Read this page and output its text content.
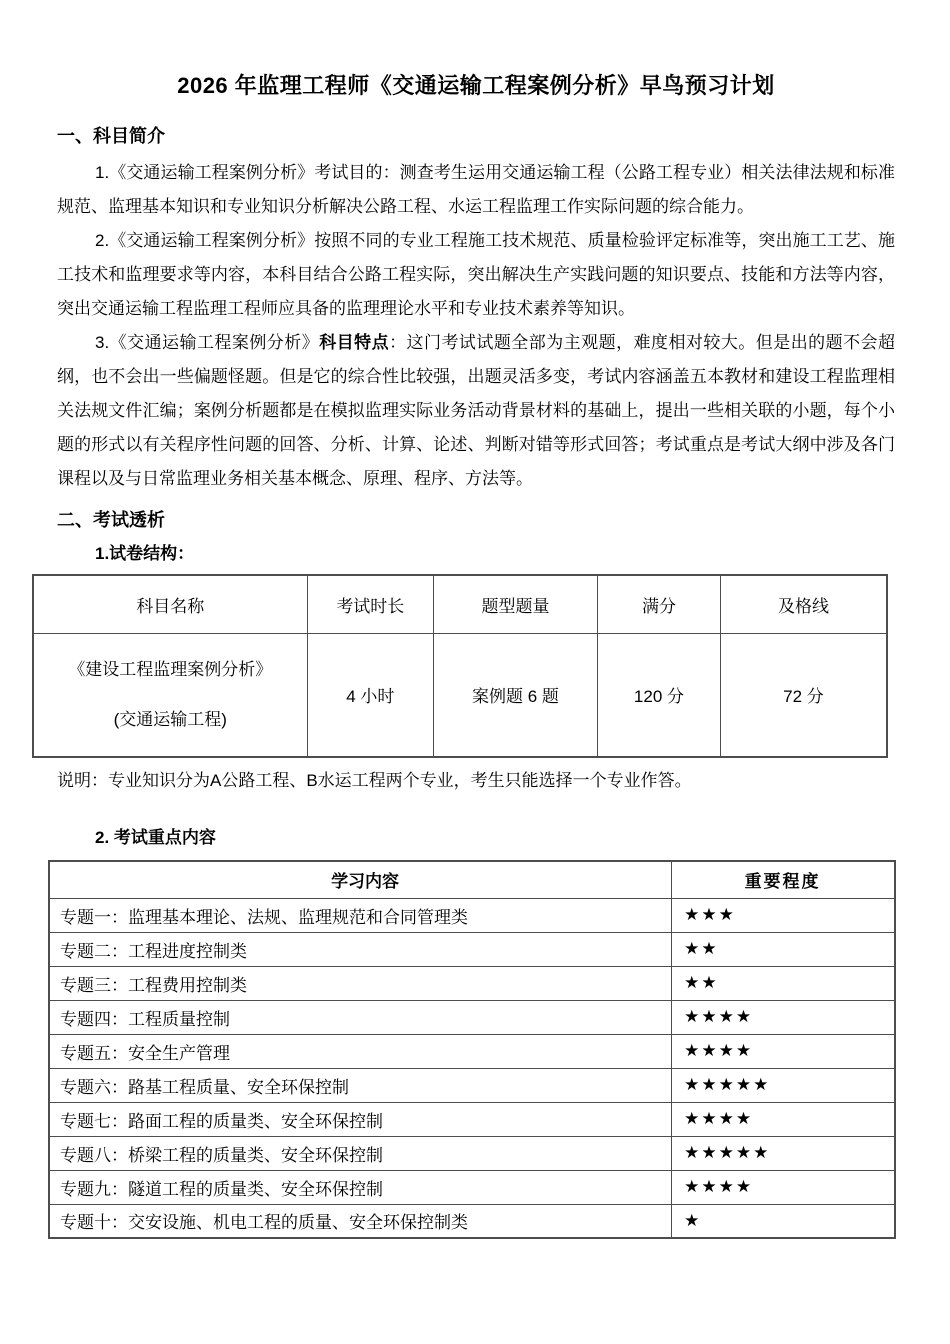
2026 年监理工程师《交通运输工程案例分析》早鸟预习计划
一、科目简介

1.《交通运输工程案例分析》考试目的：测查考生运用交通运输工程（公路工程专业）相关法律法规和标准规范、监理基本知识和专业知识分析解决公路工程、水运工程监理工作实际问题的综合能力。

2.《交通运输工程案例分析》按照不同的专业工程施工技术规范、质量检验评定标准等，突出施工工艺、施工技术和监理要求等内容，本科目结合公路工程实际，突出解决生产实践问题的知识要点、技能和方法等内容，突出交通运输工程监理工程师应具备的监理理论水平和专业技术素养等知识。

3.《交通运输工程案例分析》科目特点：这门考试试题全部为主观题，难度相对较大。但是出的题不会超纲，也不会出一些偏题怪题。但是它的综合性比较强，出题灵活多变，考试内容涵盖五本教材和建设工程监理相关法规文件汇编；案例分析题都是在模拟监理实际业务活动背景材料的基础上，提出一些相关联的小题，每个小题的形式以有关程序性问题的回答、分析、计算、论述、判断对错等形式回答；考试重点是考试大纲中涉及各门课程以及与日常监理业务相关基本概念、原理、程序、方法等。

二、考试透析
1.试卷结构：
科目名称	考试时长	题型题量	满分	及格线

《建设工程监理案例分析》
(交通运输工程)	4 小时	案例题 6 题	120 分	72 分

说明：专业知识分为A公路工程、B水运工程两个专业，考生只能选择一个专业作答。

2. 考试重点内容
学习内容	重要程度
专题一：监理基本理论、法规、监理规范和合同管理类	★★★
专题二：工程进度控制类	★★
专题三：工程费用控制类	★★
专题四：工程质量控制	★★★★
专题五：安全生产管理	★★★★
专题六：路基工程质量、安全环保控制	★★★★★
专题七：路面工程的质量类、安全环保控制	★★★★
专题八：桥梁工程的质量类、安全环保控制	★★★★★
专题九：隧道工程的质量类、安全环保控制	★★★★
专题十：交安设施、机电工程的质量、安全环保控制类	★
